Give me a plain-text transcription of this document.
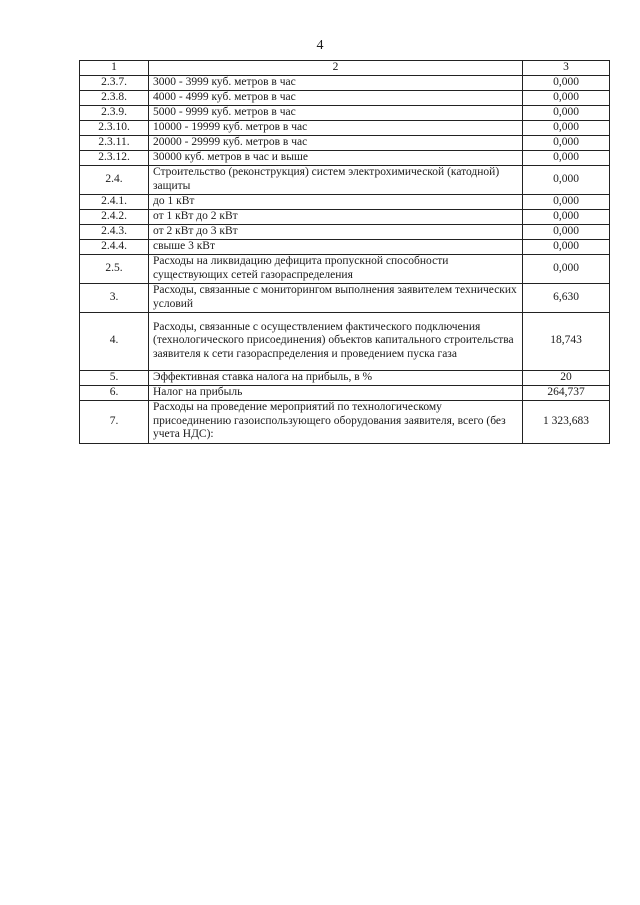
4
1	2	3
2.3.7.	3000 - 3999 куб. метров в час	0,000
2.3.8.	4000 - 4999 куб. метров в час	0,000
2.3.9.	5000 - 9999 куб. метров в час	0,000
2.3.10.	10000 - 19999 куб. метров в час	0,000
2.3.11.	20000 - 29999 куб. метров в час	0,000
2.3.12.	30000 куб. метров в час и выше	0,000
2.4.	Строительство (реконструкция) систем электрохимической (катодной) защиты	0,000
2.4.1.	до 1 кВт	0,000
2.4.2.	от 1 кВт до 2 кВт	0,000
2.4.3.	от 2 кВт до 3 кВт	0,000
2.4.4.	свыше 3 кВт	0,000
2.5.	Расходы на ликвидацию дефицита пропускной способности существующих сетей газораспределения	0,000
3.	Расходы, связанные с мониторингом выполнения заявителем технических условий	6,630
4.	Расходы, связанные с осуществлением фактического подключения (технологического присоединения) объектов капитального строительства заявителя к сети газораспределения и проведением пуска газа	18,743
5.	Эффективная ставка налога на прибыль, в %	20
6.	Налог на прибыль	264,737
7.	Расходы на проведение мероприятий по технологическому присоединению газоиспользующего оборудования заявителя, всего (без учета НДС):	1 323,683
